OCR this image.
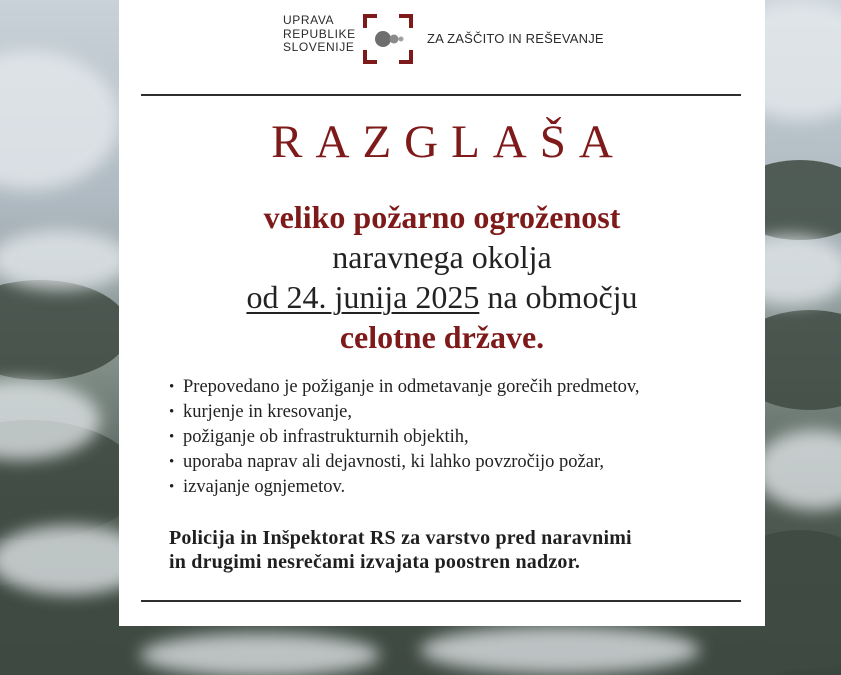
UPRAVA
REPUBLIKE
SLOVENIJE
ZA ZAŠČITO IN REŠEVANJE
RAZGLAŠA
veliko požarno ogroženost
naravnega okolja
od 24. junija 2025 na območju
celotne države.
• Prepovedano je požiganje in odmetavanje gorečih predmetov,
• kurjenje in kresovanje,
• požiganje ob infrastrukturnih objektih,
• uporaba naprav ali dejavnosti, ki lahko povzročijo požar,
• izvajanje ognjemetov.
Policija in Inšpektorat RS za varstvo pred naravnimi
in drugimi nesrečami izvajata poostren nadzor.
